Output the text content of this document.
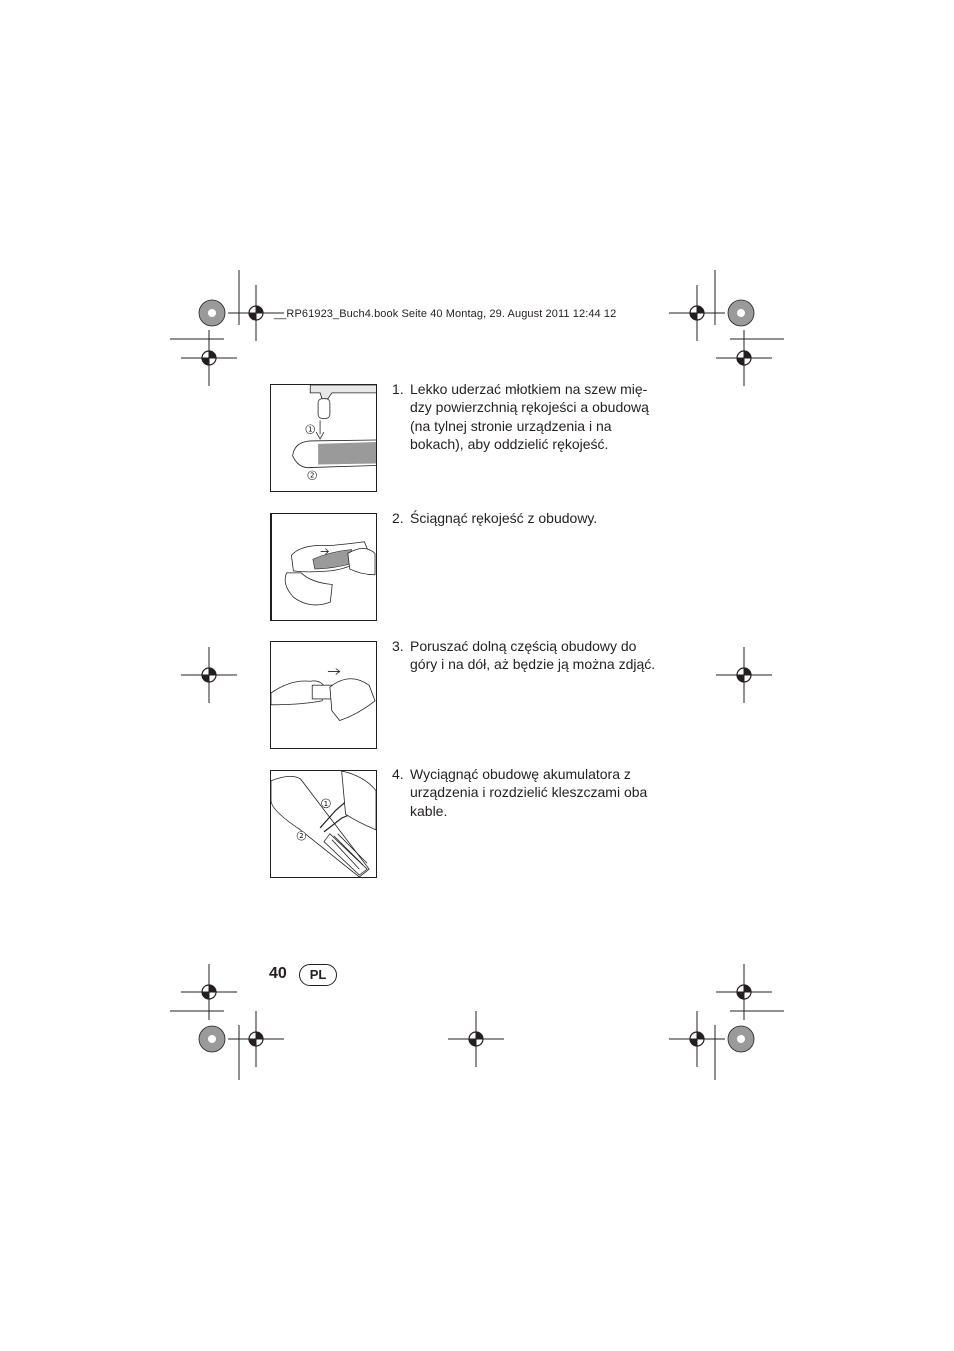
__RP61923_Buch4.book Seite 40 Montag, 29. August 2011 12:44 12
1
2
1
2
1. Lekko uderzać młotkiem na szew mię-
dzy powierzchnią rękojeści a obudową
(na tylnej stronie urządzenia i na
bokach), aby oddzielić rękojeść.
2. Ściągnąć rękojeść z obudowy.
3. Poruszać dolną częścią obudowy do
góry i na dół, aż będzie ją można zdjąć.
4. Wyciągnąć obudowę akumulatora z
urządzenia i rozdzielić kleszczami oba
kable.
40	PL
